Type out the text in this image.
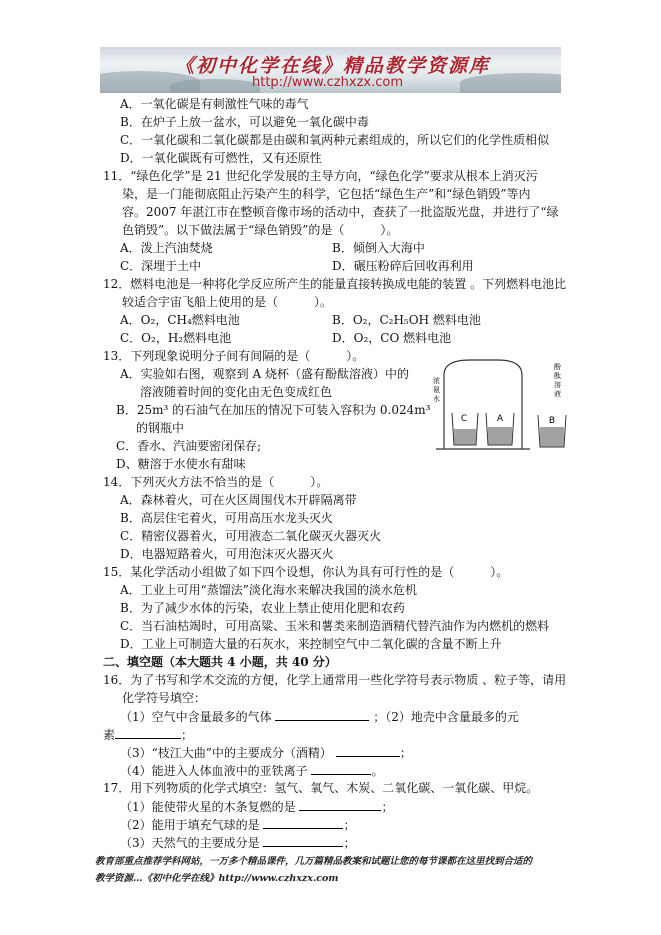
《初中化学在线》精品教学资源库
http://www.czhxzx.com
A．一氧化碳是有刺激性气味的毒气
B．在炉子上放一盆水，可以避免一氧化碳中毒
C．一氧化碳和二氧化碳都是由碳和氧两种元素组成的，所以它们的化学性质相似
D．一氧化碳既有可燃性，又有还原性
11．“绿色化学”是 21 世纪化学发展的主导方向，“绿色化学”要求从根本上消灭污
染，是一门能彻底阻止污染产生的科学，它包括“绿色生产”和“绿色销毁”等内
容。2007 年湛江市在整顿音像市场的活动中，查获了一批盗版光盘，并进行了“绿
色销毁”。以下做法属于“绿色销毁”的是（　　　）。
A．泼上汽油焚烧	B．倾倒入大海中
C．深埋于土中	D．碾压粉碎后回收再利用
12．燃料电池是一种将化学反应所产生的能量直接转换成电能的装置 。下列燃料电池比
较适合宇宙飞船上使用的是（　　　）。
A．O₂，CH₄燃料电池	B．O₂，C₂H₅OH 燃料电池
C．O₂，H₂燃料电池	D．O₂，CO 燃料电池
13．下列现象说明分子间有间隔的是（　　　）。
A．实验如右图，观察到 A 烧杯（盛有酚酞溶液）中的
溶液随着时间的变化由无色变成红色
B．25m³ 的石油气在加压的情况下可装入容积为 0.024m³
的钢瓶中
C．香水、汽油要密闭保存;
D、糖溶于水使水有甜味
C	A	B
浓氨水
酚酞溶液
14．下列灭火方法不恰当的是（　　　）。
A．森林着火，可在火区周围伐木开辟隔离带
B．高层住宅着火，可用高压水龙头灭火
C．精密仪器着火，可用液态二氧化碳灭火器灭火
D．电器短路着火，可用泡沫灭火器灭火
15．某化学活动小组做了如下四个设想，你认为具有可行性的是（　　　）。
A．工业上可用“蒸馏法”淡化海水来解决我国的淡水危机
B．为了减少水体的污染，农业上禁止使用化肥和农药
C．当石油枯竭时，可用高粱、玉米和薯类来制造酒精代替汽油作为内燃机的燃料
D．工业上可制造大量的石灰水，来控制空气中二氧化碳的含量不断上升
二、填空题（本大题共 4 小题，共 40 分）
16．为了书写和学术交流的方便，化学上通常用一些化学符号表示物质 、粒子等，请用
化学符号填空：
（1）空气中含量最多的气体	；（2）地壳中含量最多的元
素	；
（3）“枝江大曲”中的主要成分（酒精）	；
（4）能进入人体血液中的亚铁离子	。
17．用下列物质的化学式填空：氢气、氧气、木炭、二氧化碳、一氧化碳、甲烷。
（1）能使带火星的木条复燃的是	；
（2）能用于填充气球的是	；
（3）天然气的主要成分是	；
教育部重点推荐学科网站，一万多个精品课件，几万篇精品教案和试题让您的每节课都在这里找到合适的
教学资源…《初中化学在线》http://www.czhxzx.com
